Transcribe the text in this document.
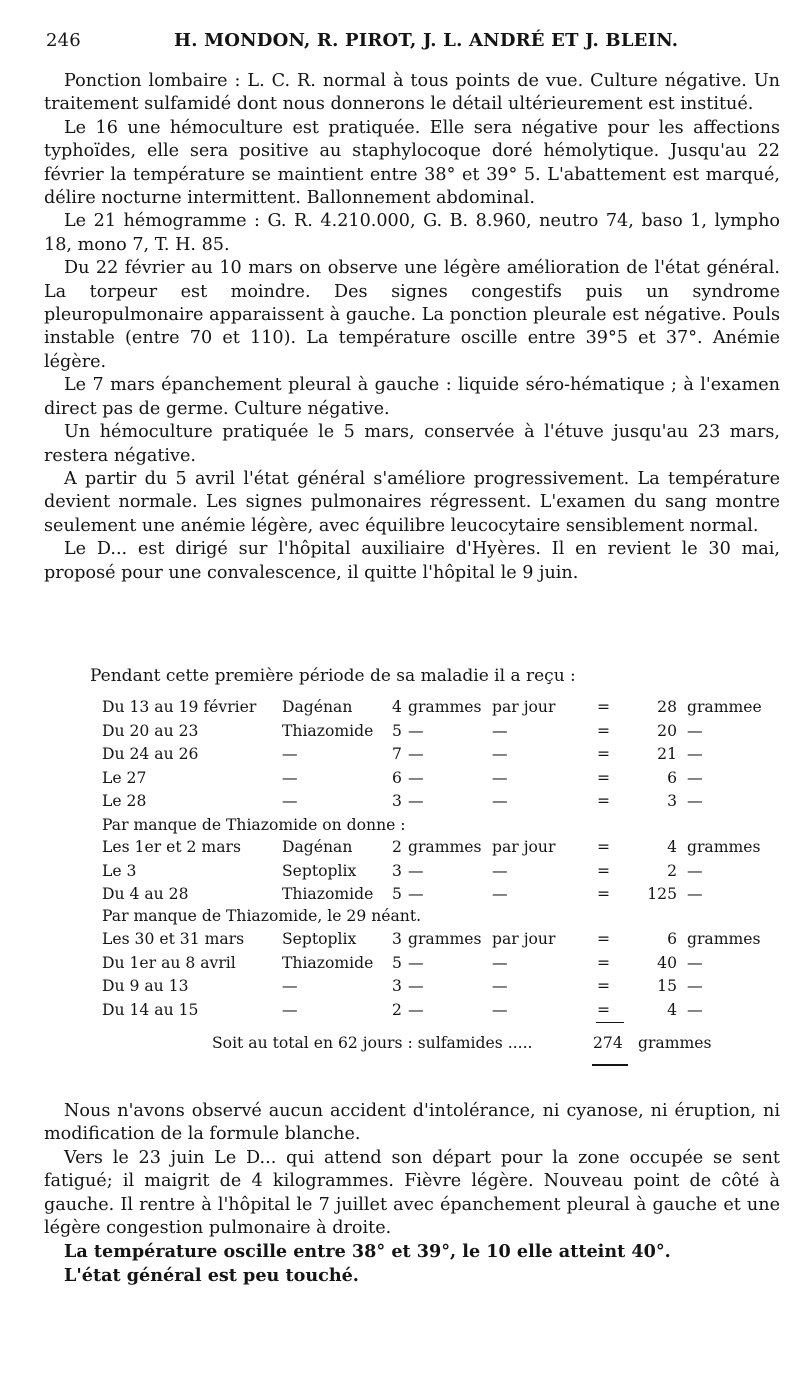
246	H. MONDON, R. PIROT, J. L. ANDRÉ ET J. BLEIN.

Ponction lombaire : L. C. R. normal à tous points de vue. Culture négative. Un traitement sulfamidé dont nous donnerons le détail ultérieurement est institué.

Le 16 une hémoculture est pratiquée. Elle sera négative pour les affections typhoïdes, elle sera positive au staphylocoque doré hémolytique. Jusqu'au 22 février la température se maintient entre 38° et 39° 5. L'abattement est marqué, délire nocturne intermittent. Ballonnement abdominal.

Le 21 hémogramme : G. R. 4.210.000, G. B. 8.960, neutro 74, baso 1, lympho 18, mono 7, T. H. 85.

Du 22 février au 10 mars on observe une légère amélioration de l'état général. La torpeur est moindre. Des signes congestifs puis un syndrome pleuropulmonaire apparaissent à gauche. La ponction pleurale est négative. Pouls instable (entre 70 et 110). La température oscille entre 39°5 et 37°. Anémie légère.

Le 7 mars épanchement pleural à gauche : liquide séro-hématique ; à l'examen direct pas de germe. Culture négative.

Un hémoculture pratiquée le 5 mars, conservée à l'étuve jusqu'au 23 mars, restera négative.

A partir du 5 avril l'état général s'améliore progressivement. La température devient normale. Les signes pulmonaires régressent. L'examen du sang montre seulement une anémie légère, avec équilibre leucocytaire sensiblement normal.

Le D... est dirigé sur l'hôpital auxiliaire d'Hyères. Il en revient le 30 mai, proposé pour une convalescence, il quitte l'hôpital le 9 juin.

Pendant cette première période de sa maladie il a reçu :
Du 13 au 19 février Dagénan	4 grammes par jour	=	28 grammee
Du 20 au 23	Thiazomide 5 —	—	=	20 —
Du 24 au 26	—	7 —	—	=	21 —
Le 27	—	6 —	—	=	6 —
Le 28	—	3 —	—	=	3 —
Par manque de Thiazomide on donne :
Les 1er et 2 mars	Dagénan	2 grammes par jour	=	4 grammes
Le 3	Septoplix 3 —	—	=	2 —
Du 4 au 28	Thiazomide 5 —	—	=	125 —
Par manque de Thiazomide, le 29 néant.
Les 30 et 31 mars Septoplix 3 grammes par jour	=	6 grammes
Du 1er au 8 avril	Thiazomide 5 —	—	=	40 —
Du 9 au 13	—	3 —	—	=	15 —
Du 14 au 15	—	2 —	—	=	4 —
Soit au total en 62 jours : sulfamides .....	274 grammes

Nous n'avons observé aucun accident d'intolérance, ni cyanose, ni éruption, ni modification de la formule blanche.

Vers le 23 juin Le D... qui attend son départ pour la zone occupée se sent fatigué; il maigrit de 4 kilogrammes. Fièvre légère. Nouveau point de côté à gauche. Il rentre à l'hôpital le 7 juillet avec épanchement pleural à gauche et une légère congestion pulmonaire à droite.

La température oscille entre 38° et 39°, le 10 elle atteint 40°.

L'état général est peu touché.
